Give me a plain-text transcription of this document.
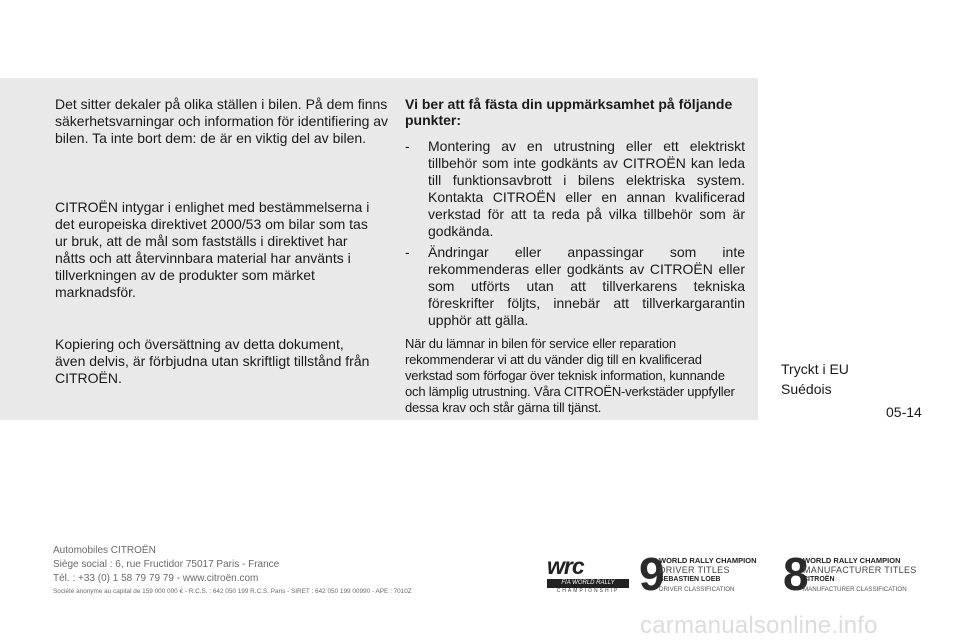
Det sitter dekaler på olika ställen i bilen. På dem finns säkerhetsvarningar och information för identifiering av bilen. Ta inte bort dem: de är en viktig del av bilen.

CITROËN intygar i enlighet med bestämmelserna i det europeiska direktivet 2000/53 om bilar som tas ur bruk, att de mål som fastställs i direktivet har nåtts och att återvinnbara material har använts i tillverkningen av de produkter som märket marknadsför.

Kopiering och översättning av detta dokument, även delvis, är förbjudna utan skriftligt tillstånd från CITROËN.

Vi ber att få fästa din uppmärksamhet på följande punkter:
- Montering av en utrustning eller ett elektriskt tillbehör som inte godkänts av CITROËN kan leda till funktionsavbrott i bilens elektriska system. Kontakta CITROËN eller en annan kvalificerad verkstad för att ta reda på vilka tillbehör som är godkända.
- Ändringar eller anpassingar som inte rekommenderas eller godkänts av CITROËN eller som utförts utan att tillverkarens tekniska föreskrifter följts, innebär att tillverkargarantin upphör att gälla.

När du lämnar in bilen för service eller reparation rekommenderar vi att du vänder dig till en kvalificerad verkstad som förfogar över teknisk information, kunnande och lämplig utrustning. Våra CITROËN-verkstäder uppfyller dessa krav och står gärna till tjänst.

Tryckt i EU
Suédois
05-14
Automobiles CITROËN
Siège social : 6, rue Fructidor 75017 Paris - France
Tél. : +33 (0) 1 58 79 79 79 - www.citroën.com
Société anonyme au capital de 159 000 000 € - R.C.S. : 642 050 199 R.C.S. Paris - SIRET : 642 050 199 00990 - APE : 7010Z
wrc
FIA WORLD RALLY
CHAMPIONSHIP 9
WORLD RALLY CHAMPION
DRIVER TITLES
SEBASTIEN LOEB
DRIVER CLASSIFICATION	8
WORLD RALLY CHAMPION
MANUFACTURER TITLES
CITROËN
MANUFACTURER CLASSIFICATION
carmanualsonline.info
